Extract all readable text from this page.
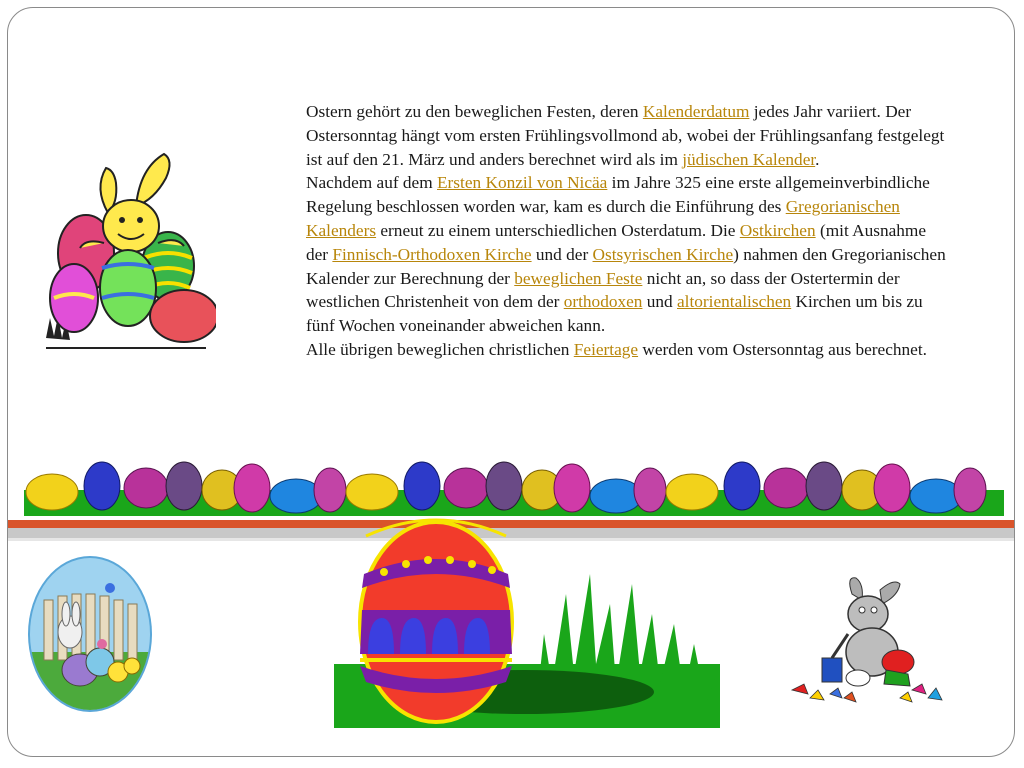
Ostern gehört zu den beweglichen Festen, deren Kalenderdatum jedes Jahr variiert. Der Ostersonntag hängt vom ersten Frühlingsvollmond ab, wobei der Frühlingsanfang festgelegt ist auf den 21. März und anders berechnet wird als im jüdischen Kalender.

Nachdem auf dem Ersten Konzil von Nicäa im Jahre 325 eine erste allgemeinverbindliche Regelung beschlossen worden war, kam es durch die Einführung des Gregorianischen Kalenders erneut zu einem unterschiedlichen Osterdatum. Die Ostkirchen (mit Ausnahme der Finnisch-Orthodoxen Kirche und der Ostsyrischen Kirche) nahmen den Gregorianischen Kalender zur Berechnung der beweglichen Feste nicht an, so dass der Ostertermin der westlichen Christenheit von dem der orthodoxen und altorientalischen Kirchen um bis zu fünf Wochen voneinander abweichen kann.

Alle übrigen beweglichen christlichen Feiertage werden vom Ostersonntag aus berechnet.
